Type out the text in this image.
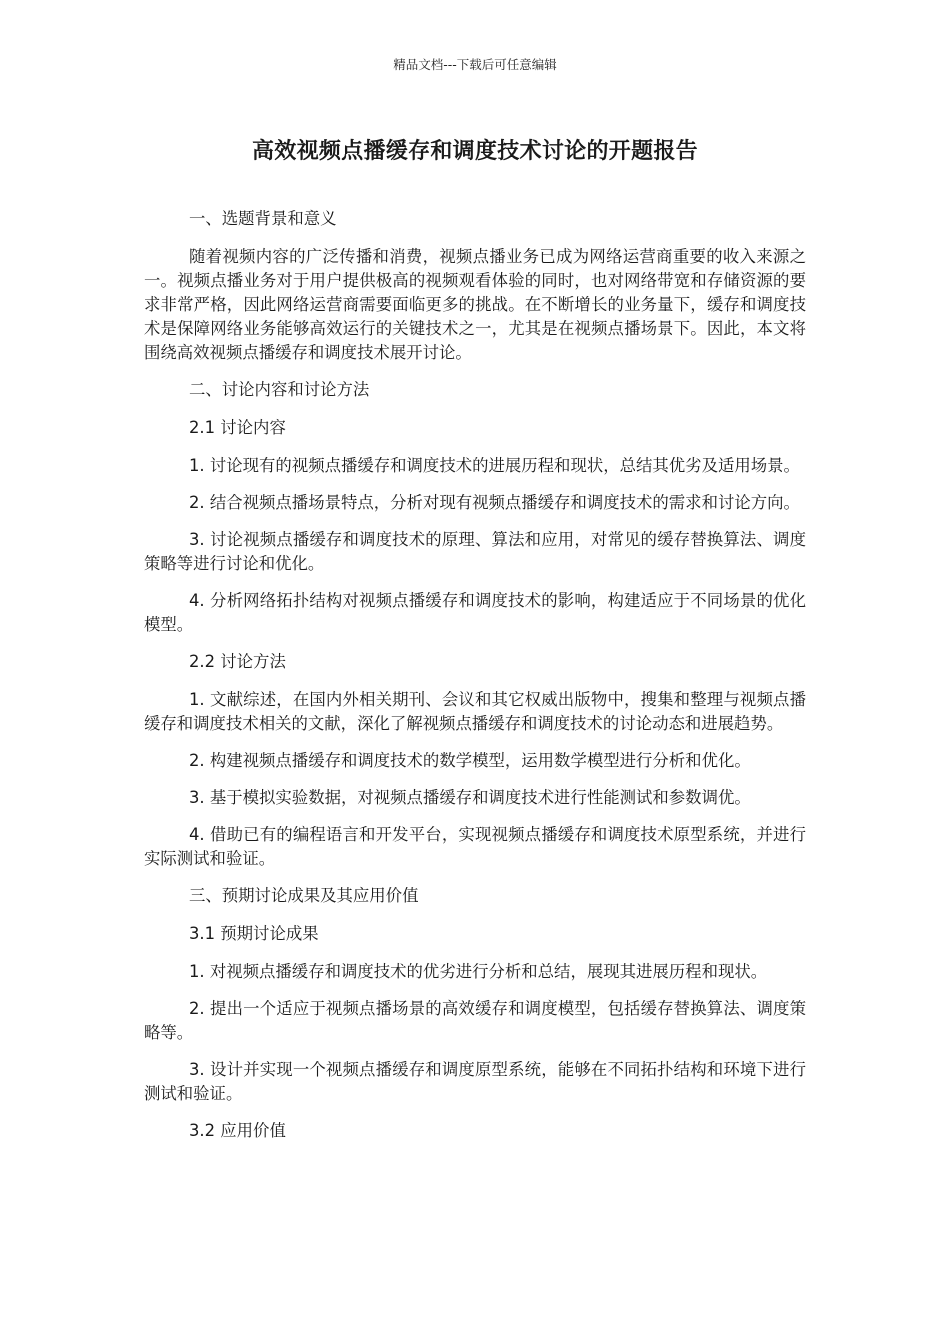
精品文档---下载后可任意编辑
高效视频点播缓存和调度技术讨论的开题报告

一、选题背景和意义

随着视频内容的广泛传播和消费，视频点播业务已成为网络运营商重要的收入来源之一。视频点播业务对于用户提供极高的视频观看体验的同时，也对网络带宽和存储资源的要求非常严格，因此网络运营商需要面临更多的挑战。在不断增长的业务量下，缓存和调度技术是保障网络业务能够高效运行的关键技术之一，尤其是在视频点播场景下。因此，本文将围绕高效视频点播缓存和调度技术展开讨论。

二、讨论内容和讨论方法

2.1 讨论内容

1. 讨论现有的视频点播缓存和调度技术的进展历程和现状，总结其优劣及适用场景。

2. 结合视频点播场景特点，分析对现有视频点播缓存和调度技术的需求和讨论方向。

3. 讨论视频点播缓存和调度技术的原理、算法和应用，对常见的缓存替换算法、调度策略等进行讨论和优化。

4. 分析网络拓扑结构对视频点播缓存和调度技术的影响，构建适应于不同场景的优化模型。

2.2 讨论方法

1. 文献综述，在国内外相关期刊、会议和其它权威出版物中，搜集和整理与视频点播缓存和调度技术相关的文献，深化了解视频点播缓存和调度技术的讨论动态和进展趋势。

2. 构建视频点播缓存和调度技术的数学模型，运用数学模型进行分析和优化。

3. 基于模拟实验数据，对视频点播缓存和调度技术进行性能测试和参数调优。

4. 借助已有的编程语言和开发平台，实现视频点播缓存和调度技术原型系统，并进行实际测试和验证。

三、预期讨论成果及其应用价值

3.1 预期讨论成果

1. 对视频点播缓存和调度技术的优劣进行分析和总结，展现其进展历程和现状。

2. 提出一个适应于视频点播场景的高效缓存和调度模型，包括缓存替换算法、调度策略等。

3. 设计并实现一个视频点播缓存和调度原型系统，能够在不同拓扑结构和环境下进行测试和验证。

3.2 应用价值
